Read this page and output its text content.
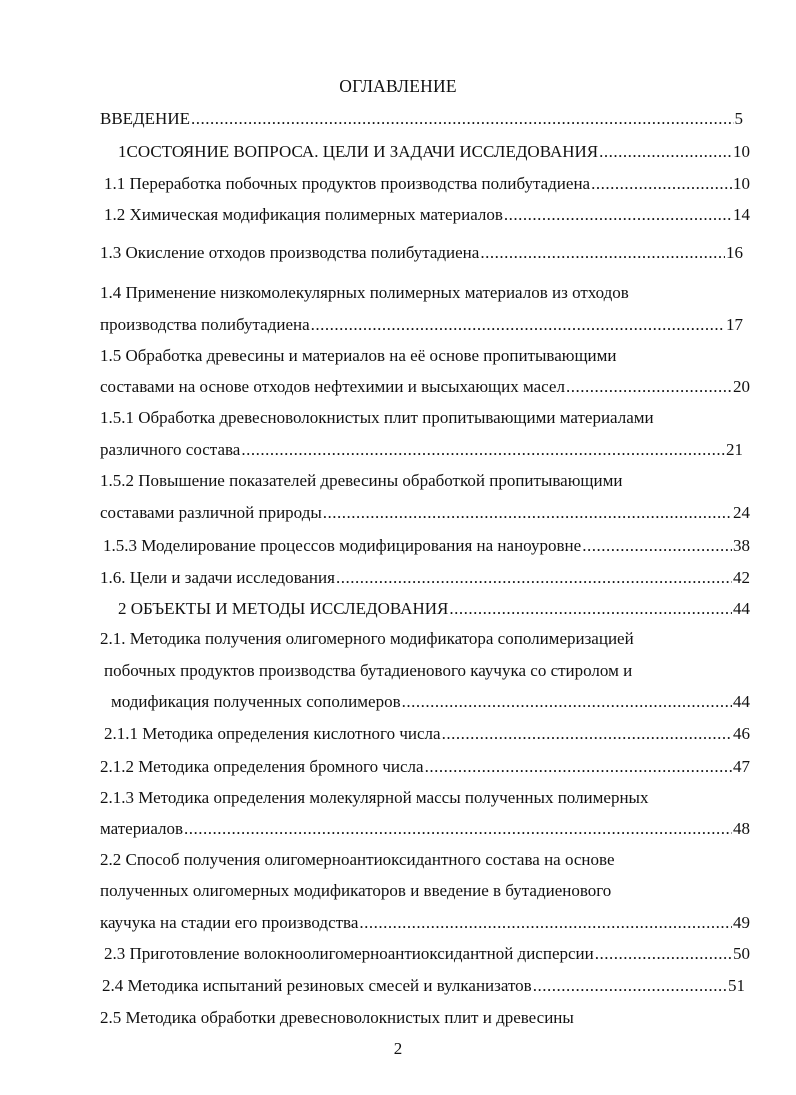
ОГЛАВЛЕНИЕ
ВВЕДЕНИЕ .....	5
1СОСТОЯНИЕ ВОПРОСА. ЦЕЛИ И ЗАДАЧИ ИССЛЕДОВАНИЯ .....	10
1.1 Переработка побочных продуктов производства полибутадиена .....	10
1.2 Химическая модификация полимерных материалов .....	14
1.3 Окисление отходов производства полибутадиена .....	16
1.4 Применение низкомолекулярных полимерных материалов из отходов
производства полибутадиена .....	17
1.5 Обработка древесины и материалов на её основе пропитывающими
составами на основе отходов нефтехимии и высыхающих масел .....	20
1.5.1 Обработка древесноволокнистых плит пропитывающими материалами
различного состава .....	21
1.5.2 Повышение показателей древесины обработкой пропитывающими
составами различной природы .....	24
1.5.3 Моделирование процессов модифицирования на наноуровне .....	38
1.6. Цели и задачи исследования .....	42
2 ОБЪЕКТЫ И МЕТОДЫ ИССЛЕДОВАНИЯ .....	44
2.1. Методика получения олигомерного модификатора сополимеризацией
побочных продуктов производства бутадиенового каучука со стиролом и
модификация полученных сополимеров .....	44
2.1.1 Методика определения кислотного числа .....	46
2.1.2 Методика определения бромного числа .....	47
2.1.3 Методика определения молекулярной массы полученных полимерных
материалов .....	48
2.2 Способ получения олигомерноантиоксидантного состава на основе
полученных олигомерных модификаторов и введение в бутадиенового
каучука на стадии его производства .....	49
2.3 Приготовление волокноолигомерноантиоксидантной дисперсии .....	50
2.4 Методика испытаний резиновых смесей и вулканизатов .....	51
2.5 Методика обработки древесноволокнистых плит и древесины
2
